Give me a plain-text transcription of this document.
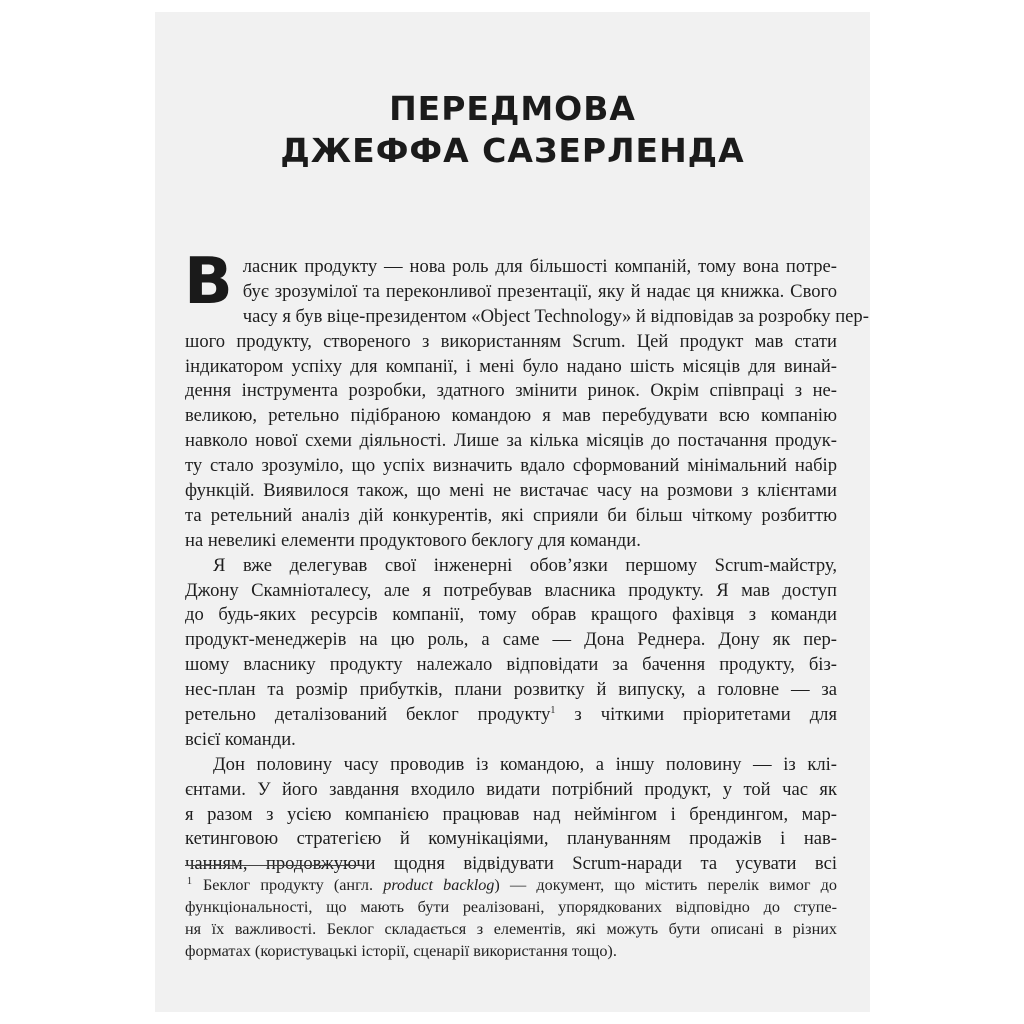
ПЕРЕДМОВА
ДЖЕФФА САЗЕРЛЕНДА
В ласник продукту — нова роль для більшості компаній, тому вона потре-
бує зрозумілої та переконливої презентації, яку й надає ця книжка. Свого
часу я був віце-президентом «Object Technology» й відповідав за розробку пер-
шого продукту, створеного з використанням Scrum. Цей продукт мав стати
індикатором успіху для компанії, і мені було надано шість місяців для винай-
дення інструмента розробки, здатного змінити ринок. Окрім співпраці з не-
великою, ретельно підібраною командою я мав перебудувати всю компанію
навколо нової схеми діяльності. Лише за кілька місяців до постачання продук-
ту стало зрозуміло, що успіх визначить вдало сформований мінімальний набір
функцій. Виявилося також, що мені не вистачає часу на розмови з клієнтами
та ретельний аналіз дій конкурентів, які сприяли би більш чіткому розбиттю
на невеликі елементи продуктового беклогу для команди.
Я вже делегував свої інженерні обов’язки першому Scrum-майстру,
Джону Скамніоталесу, але я потребував власника продукту. Я мав доступ
до будь-яких ресурсів компанії, тому обрав кращого фахівця з команди
продукт-менеджерів на цю роль, а саме — Дона Реднера. Дону як пер-
шому власнику продукту належало відповідати за бачення продукту, біз-
нес-план та розмір прибутків, плани розвитку й випуску, а головне — за
ретельно деталізований беклог продукту$^1$ з чіткими пріоритетами для
всієї команди.
Дон половину часу проводив із командою, а іншу половину — із клі-
єнтами. У його завдання входило видати потрібний продукт, у той час як
я разом з усією компанією працював над неймінгом і брендингом, мар-
кетинговою стратегією й комунікаціями, плануванням продажів і нав-
чанням, продовжуючи щодня відвідувати Scrum-наради та усувати всі
1 Беклог продукту (англ. product backlog) — документ, що містить перелік вимог до
функціональності, що мають бути реалізовані, упорядкованих відповідно до ступе-
ня їх важливості. Беклог складається з елементів, які можуть бути описані в різних
форматах (користувацькі історії, сценарії використання тощо).
